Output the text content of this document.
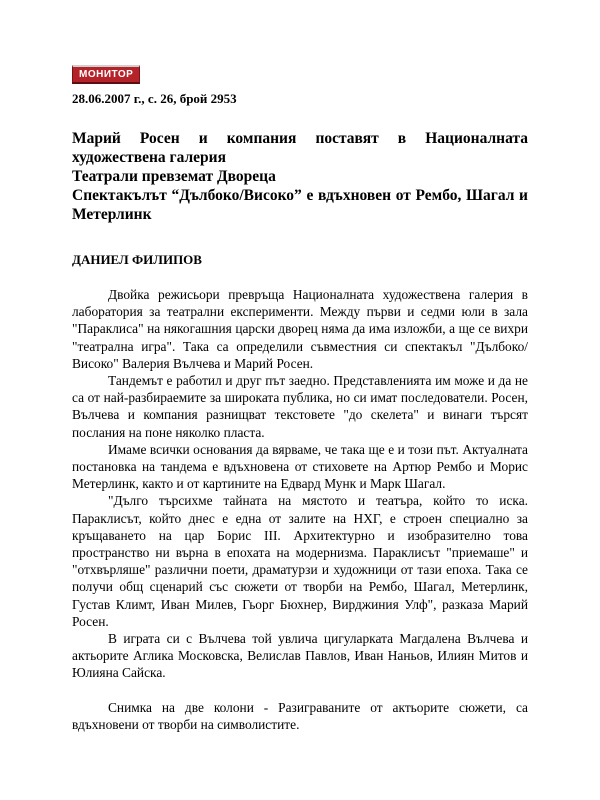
МОНИТОР
28.06.2007 г., с. 26, брой 2953
Марий Росен и компания поставят в Националната художествена галерия
Театрали превземат Двореца
Спектакълът “Дълбоко/Високо” е вдъхновен от Рембо, Шагал и Метерлинк
ДАНИЕЛ ФИЛИПОВ

Двойка режисьори превръща Националната художествена галерия в лаборатория за театрални експерименти. Между първи и седми юли в зала "Параклиса" на някогашния царски дворец няма да има изложби, а ще се вихри "театрална игра". Така са определили съвместния си спектакъл "Дълбоко/Високо" Валерия Вълчева и Марий Росен.

Тандемът е работил и друг път заедно. Представленията им може и да не са от най-разбираемите за широката публика, но си имат последователи. Росен, Вълчева и компания разнищват текстовете "до скелета" и винаги търсят послания на поне няколко пласта.

Имаме всички основания да вярваме, че така ще е и този път. Актуалната постановка на тандема е вдъхновена от стиховете на Артюр Рембо и Морис Метерлинк, както и от картините на Едвард Мунк и Марк Шагал.

"Дълго търсихме тайната на мястото и театъра, който то иска. Параклисът, който днес е една от залите на НХГ, е строен специално за кръщаването на цар Борис III. Архитектурно и изобразително това пространство ни върна в епохата на модернизма. Параклисът "приемаше" и "отхвърляше" различни поети, драматурзи и художници от тази епоха. Така се получи общ сценарий със сюжети от творби на Рембо, Шагал, Метерлинк, Густав Климт, Иван Милев, Гьорг Бюхнер, Вирджиния Улф", разказа Марий Росен.

В играта си с Вълчева той увлича цигуларката Магдалена Вълчева и актьорите Аглика Московска, Велислав Павлов, Иван Наньов, Илиян Митов и Юлияна Сайска.

Снимка на две колони - Разиграваните от актьорите сюжети, са вдъхновени от творби на символистите.
